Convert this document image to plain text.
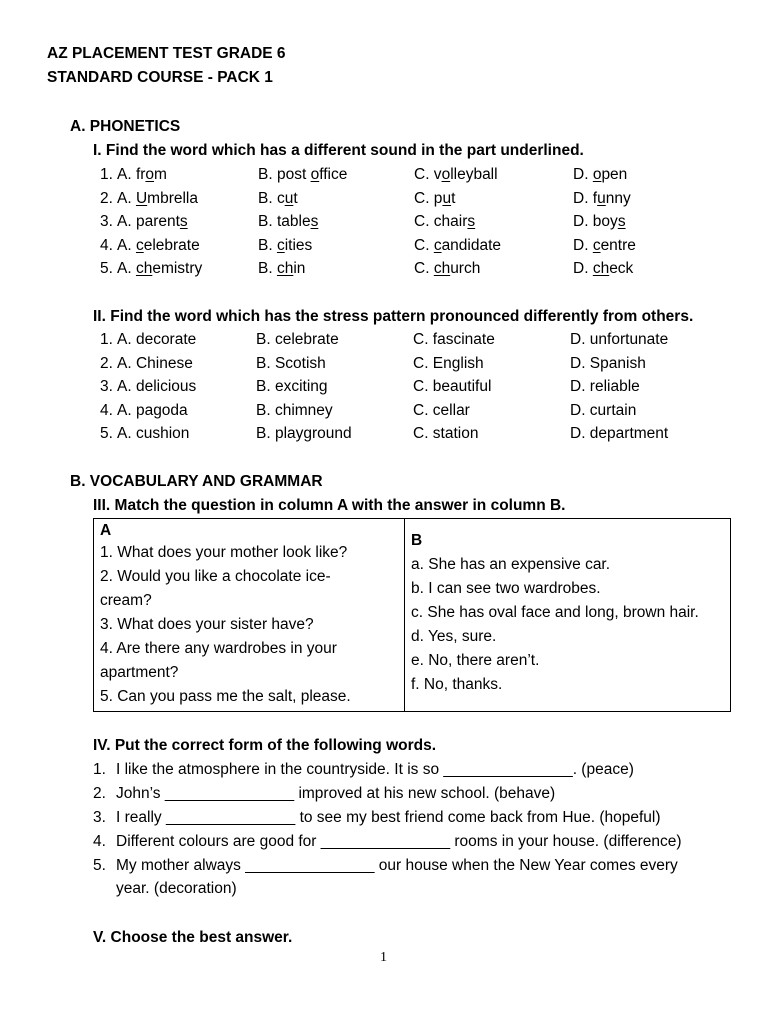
AZ PLACEMENT TEST GRADE 6
STANDARD COURSE - PACK 1
A. PHONETICS
I. Find the word which has a different sound in the part underlined.
1. A. from	B. post office	C. volleyball	D. open
2. A. Umbrella	B. cut	C. put	D. funny
3. A. parents	B. tables	C. chairs	D. boys
4. A. celebrate	B. cities	C. candidate	D. centre
5. A. chemistry	B. chin	C. church	D. check
II. Find the word which has the stress pattern pronounced differently from others.
1. A. decorate	B. celebrate	C. fascinate	D. unfortunate
2. A. Chinese	B. Scotish	C. English	D. Spanish
3. A. delicious	B. exciting	C. beautiful	D. reliable
4. A. pagoda	B. chimney	C. cellar	D. curtain
5. A. cushion	B. playground	C. station	D. department
B. VOCABULARY AND GRAMMAR
III. Match the question in column A with the answer in column B.
A
1. What does your mother look like?
2. Would you like a chocolate ice-
cream?
3. What does your sister have?
4. Are there any wardrobes in your
apartment?
5. Can you pass me the salt, please.

B
a. She has an expensive car.
b. I can see two wardrobes.
c. She has oval face and long, brown hair.
d. Yes, sure.
e. No, there aren’t.
f. No, thanks.
IV. Put the correct form of the following words.
1. I like the atmosphere in the countryside. It is so _______________. (peace)
2. John’s _______________ improved at his new school. (behave)
3. I really _______________ to see my best friend come back from Hue. (hopeful)
4. Different colours are good for _______________ rooms in your house. (difference)
5. My mother always _______________ our house when the New Year comes every
year. (decoration)
V. Choose the best answer.
1
